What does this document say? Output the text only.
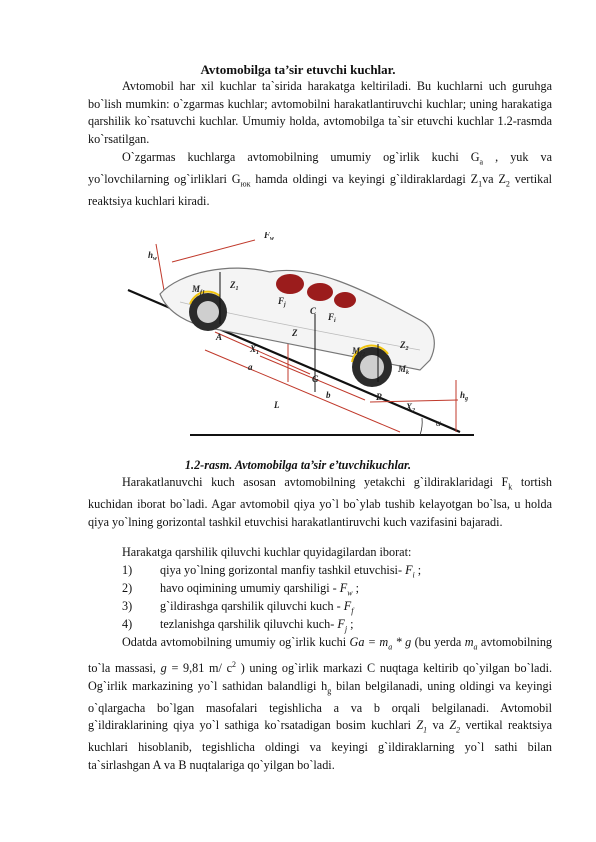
Avtomobilga ta’sir etuvchi kuchlar.

Avtomobil har xil kuchlar ta`sirida harakatga keltiriladi. Bu kuchlarni uch guruhga bo`lish mumkin: o`zgarmas kuchlar; avtomobilni harakatlantiruvchi kuchlar; uning harakatiga qarshilik ko`rsatuvchi kuchlar. Umumiy holda, avtomobilga ta`sir etuvchi kuchlar 1.2-rasmda ko`rsatilgan.

O`zgarmas kuchlarga avtomobilning umumiy og`irlik kuchi $G_a$ , yuk va yo`lovchilarning og`irliklari $G_{юк}$ hamda oldingi va keyingi g`ildiraklardagi $Z_1va$ $Z_2$ vertikal reaktsiya kuchlari kiradi.

$F_w$
$h_w$
$M_{f1}$
$Z_1$
$F_j$
C
$F_i$
Z
A
$X_1$
a
G
b
$M_{f2}$
$Z_2$
$M_k$
B
L	$X_2$
$h_g$
α
1.2-rasm. Avtomobilga ta’sir e’tuvchikuchlar.

Harakatlanuvchi kuch asosan avtomobilning yetakchi g`ildiraklaridagi $F_k$ tortish kuchidan iborat bo`ladi. Agar avtomobil qiya yo`l bo`ylab tushib kelayotgan bo`lsa, u holda qiya yo`lning gorizontal tashkil etuvchisi harakatlantiruvchi kuch vazifasini bajaradi.

Harakatga qarshilik qiluvchi kuchlar quyidagilardan iborat:

1)	qiya yo`lning gorizontal manfiy tashkil etuvchisi- $F_i$ ;
2)	havo oqimining umumiy qarshiligi - $F_w$ ;
3)	g`ildirashga qarshilik qiluvchi kuch - $F_f$
4)	tezlanishga qarshilik qiluvchi kuch- $F_j$ ;

Odatda avtomobilning umumiy og`irlik kuchi $Ga = m_a * g$ (bu yerda $m_a$ avtomobilning to`la massasi, g = 9,81 m/ $c^2$ ) uning og`irlik markazi C nuqtaga keltirib qo`yilgan bo`ladi. Og`irlik markazining yo`l sathidan balandligi $h_g$ bilan belgilanadi, uning oldingi va keyingi o`qlargacha bo`lgan masofalari tegishlicha a va b orqali belgilanadi. Avtomobil g`ildiraklarining qiya yo`l sathiga ko`rsatadigan bosim kuchlari $Z_1$ va $Z_2$ vertikal reaktsiya kuchlari hisoblanib, tegishlicha oldingi va keyingi g`ildiraklarning yo`l sathi bilan ta`sirlashgan A va B nuqtalariga qo`yilgan bo`ladi.
